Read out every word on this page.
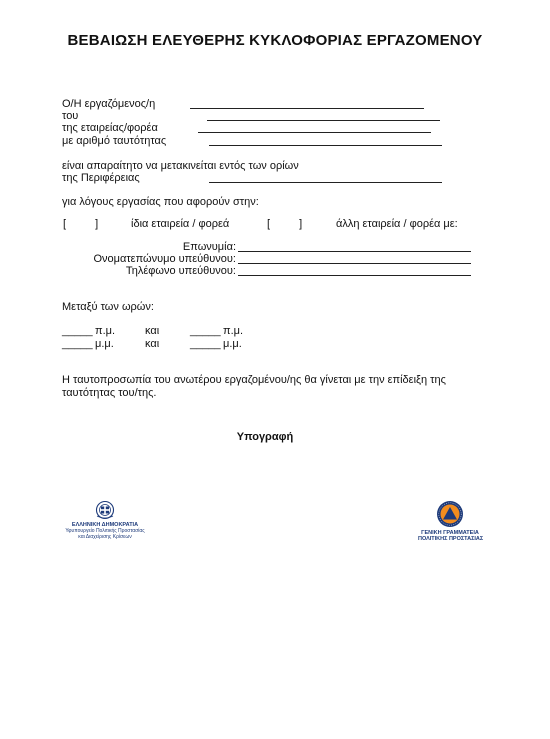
ΒΕΒΑΙΩΣΗ ΕΛΕΥΘΕΡΗΣ ΚΥΚΛΟΦΟΡΙΑΣ ΕΡΓΑΖΟΜΕΝΟΥ
Ο/Η εργαζόμενος/η
του
της εταιρείας/φορέα
με αριθμό ταυτότητας
είναι απαραίτητο να μετακινείται εντός των ορίων
της Περιφέρειας
για λόγους εργασίας που αφορούν στην:
[	]	ίδια εταιρεία / φορεά	[	]	άλλη εταιρεία / φορέα με:
Επωνυμία:
Ονοματεπώνυμο υπεύθυνου:
Τηλέφωνο υπεύθυνου:
Μεταξύ των ωρών:
_____ π.μ.	και	_____ π.μ.
_____ μ.μ.	και	_____ μ.μ.
Η ταυτοπροσωπία του ανωτέρου εργαζομένου/ης θα γίνεται με την επίδειξη της
ταυτότητας του/της.
Υπογραφή
ΕΛΛΗΝΙΚΗ ΔΗΜΟΚΡΑΤΙΑ
Υφυπουργείο Πολιτικής Προστασίας
και Διαχείρισης Κρίσεων
ΓΕΝΙΚΗ ΓΡΑΜΜΑΤΕΙΑ
ΠΟΛΙΤΙΚΗΣ ΠΡΟΣΤΑΣΙΑΣ
